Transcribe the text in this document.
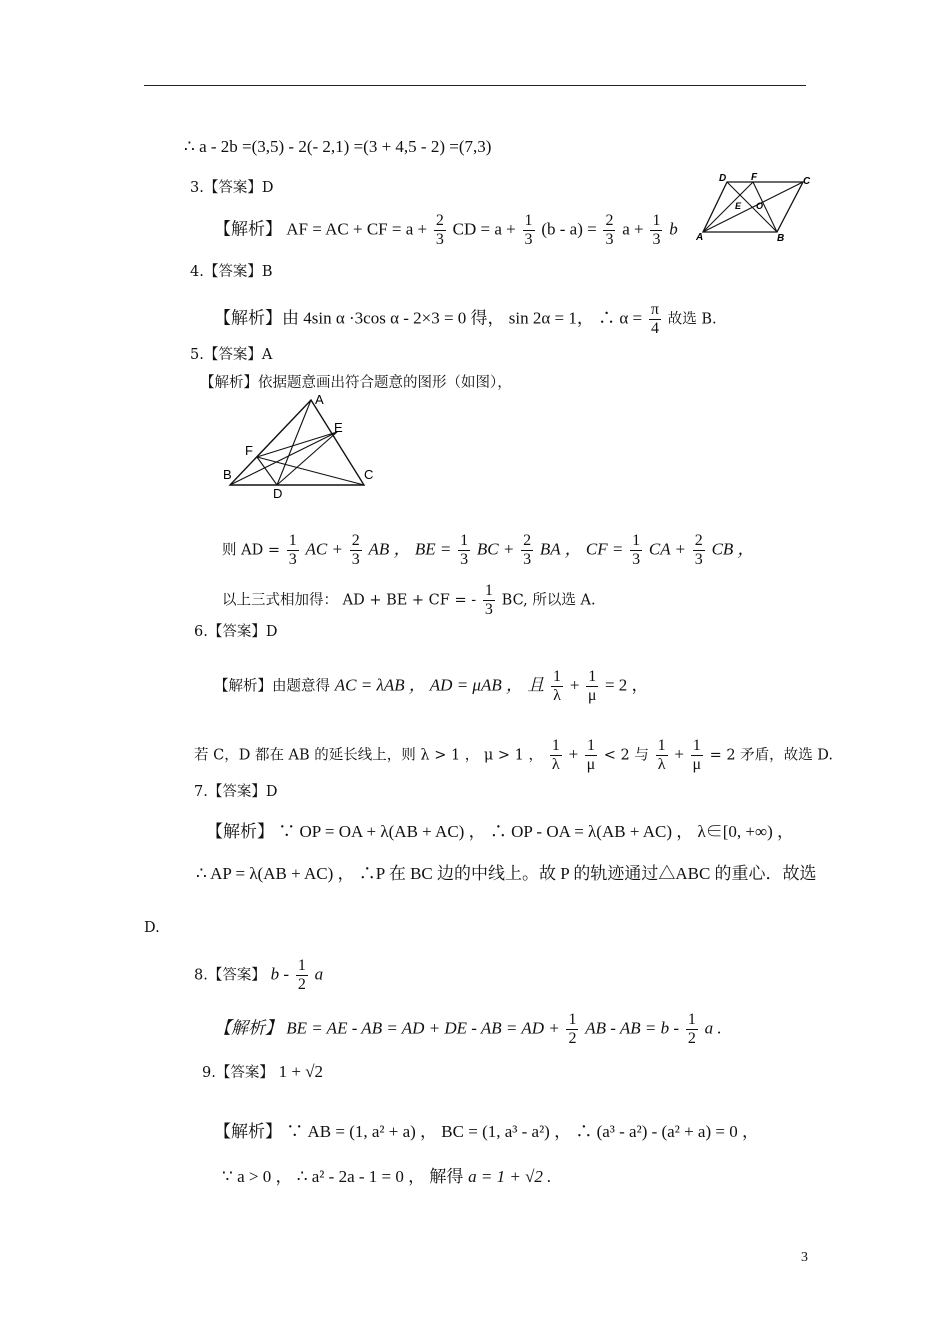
∴ a - 2b =(3,5) - 2(- 2,1) =(3 + 4,5 - 2) =(7,3)
3.【答案】D
【解析】 AF = AC + CF = $a + \frac{2}{3}$ CD = $a + \frac{1}{3} (b - a) = \frac{2}{3}$ $a + \frac{1}{3}$ b
D F	C
E O
A	B
4.【答案】B
【解析】由 4sin α ·3cos α - 2×3 = 0 得， sin 2α = 1， ∴ $\alpha = \frac{\pi}{4}$ 故选 B.
5.【答案】A
【解析】依据题意画出符合题意的图形（如图），
A
E
F
B
D
C
则 AD = $\frac{1}{3}$ AC + $\frac{2}{3}$ AB ， BE = $\frac{1}{3}$ BC + $\frac{2}{3}$ BA ， CF = $\frac{1}{3}$ CA + $\frac{2}{3}$ CB ，
以上三式相加得： AD + BE + CF = - $\frac{1}{3}$ BC, 所以选 A.
6.【答案】D
【解析】由题意得 AC = λAB ， AD = μAB ， 且 $\frac{1}{\lambda} + \frac{1}{\mu} = 2$ ，
若 C，D 都在 AB 的延长线上，则 λ > 1 ， μ > 1 ， $\frac{1}{\lambda} + \frac{1}{\mu} < 2$ 与 $\frac{1}{\lambda} + \frac{1}{\mu} = 2$ 矛盾，故选 D.
7.【答案】D
【解析】 ∵ OP = OA + λ(AB + AC) ， ∴ OP - OA = λ(AB + AC) ， λ∈[0, +∞) ，
∴ AP = λ(AB + AC) ， ∴P 在 BC 边的中线上。故 P 的轨迹通过△ABC 的重心．故选
D.
8.【答案】 b - $\frac{1}{2}$ a
【解析】 BE = AE - AB = AD + DE - AB = AD + $\frac{1}{2}$ AB - AB = b - $\frac{1}{2}$ a .
9.【答案】 1 + √2
【解析】 ∵ AB = (1, a² + a) ， BC = (1, a³ - a²) ， ∴ (a³ - a²) - (a² + a) = 0 ，
∵ a > 0 ， ∴ a² - 2a - 1 = 0 ， 解得 a = 1 + √2 .
3
